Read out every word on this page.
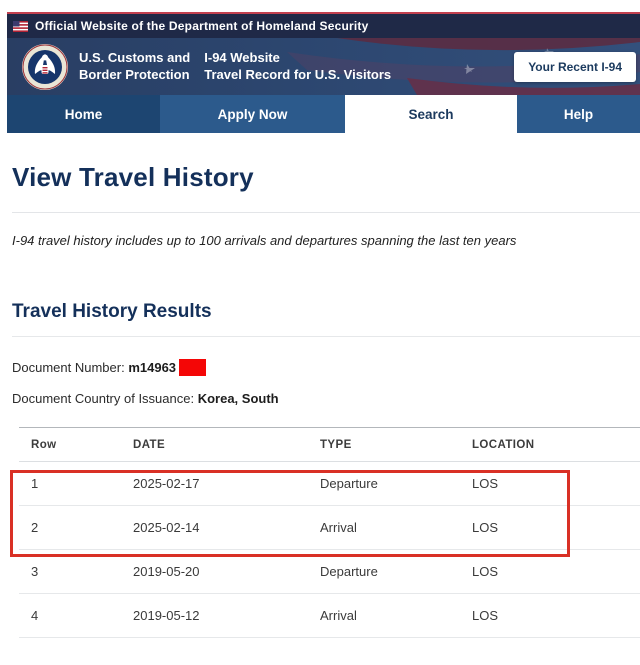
Official Website of the Department of Homeland Security
U.S. Customs and
Border Protection
I-94 Website
Travel Record for U.S. Visitors	Your Recent I-94
Home	Apply Now	Search	Help
View Travel History
I-94 travel history includes up to 100 arrivals and departures spanning the last ten years
Travel History Results
Document Number: m14963
Document Country of Issuance: Korea, South
Row	DATE	TYPE	LOCATION
1	2025-02-17	Departure	LOS
2	2025-02-14	Arrival	LOS
3	2019-05-20	Departure	LOS
4	2019-05-12	Arrival	LOS
